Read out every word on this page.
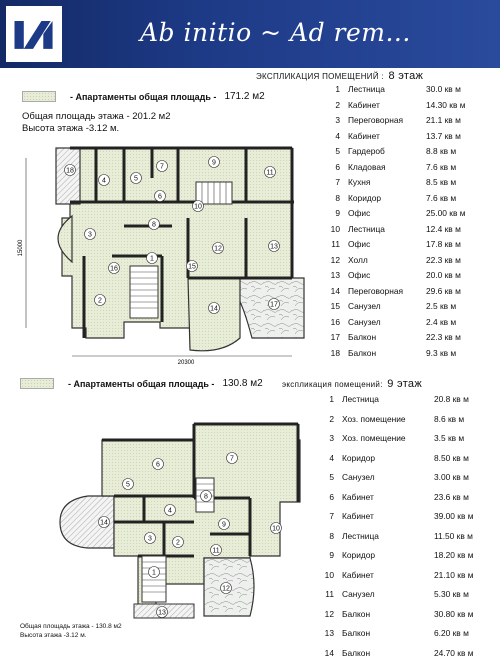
Ab initio ~ Ad rem...
ЭКСПЛИКАЦИЯ ПОМЕЩЕНИЙ : 8 этаж
- Апартаменты общая площадь - 171.2 м2
Общая площадь этажа - 201.2 м2
Высота этажа -3.12 м.
15000
20300
1
2
3
4	5
6
7
8
9
10
11
12	13
14
15
16
17
18
1 Лестница	30.0 кв м
2 Кабинет	14.30 кв м
3 Переговорная	21.1 кв м
4 Кабинет	13.7 кв м
5 Гардероб	8.8 кв м
6 Кладовая	7.6 кв м
7 Кухня	8.5 кв м
8 Коридор	7.6 кв м
9 Офис	25.00 кв м
10 Лестница	12.4 кв м
11 Офис	17.8 кв м
12 Холл	22.3 кв м
13 Офис	20.0 кв м
14 Переговорная	29.6 кв м
15 Санузел	2.5 кв м
16 Санузел	2.4 кв м
17 Балкон	22.3 кв м
18 Балкон	9.3 кв м
- Апартаменты общая площадь - 130.8 м2 экспликация помещений: 9 этаж
1
2
3
4
5
6
7
8
9
10
11
12
13
14
Общая площадь этажа - 130.8 м2
Высота этажа -3.12 м.
1 Лестница	20.8 кв м
2 Хоз. помещение	8.6 кв м
3 Хоз. помещение	3.5 кв м
4 Коридор	8.50 кв м
5 Санузел	3.00 кв м
6 Кабинет	23.6 кв м
7 Кабинет	39.00 кв м
8 Лестница	11.50 кв м
9 Коридор	18.20 кв м
10 Кабинет	21.10 кв м
11 Санузел	5.30 кв м
12 Балкон	30.80 кв м
13 Балкон	6.20 кв м
14 Балкон	24.70 кв м
